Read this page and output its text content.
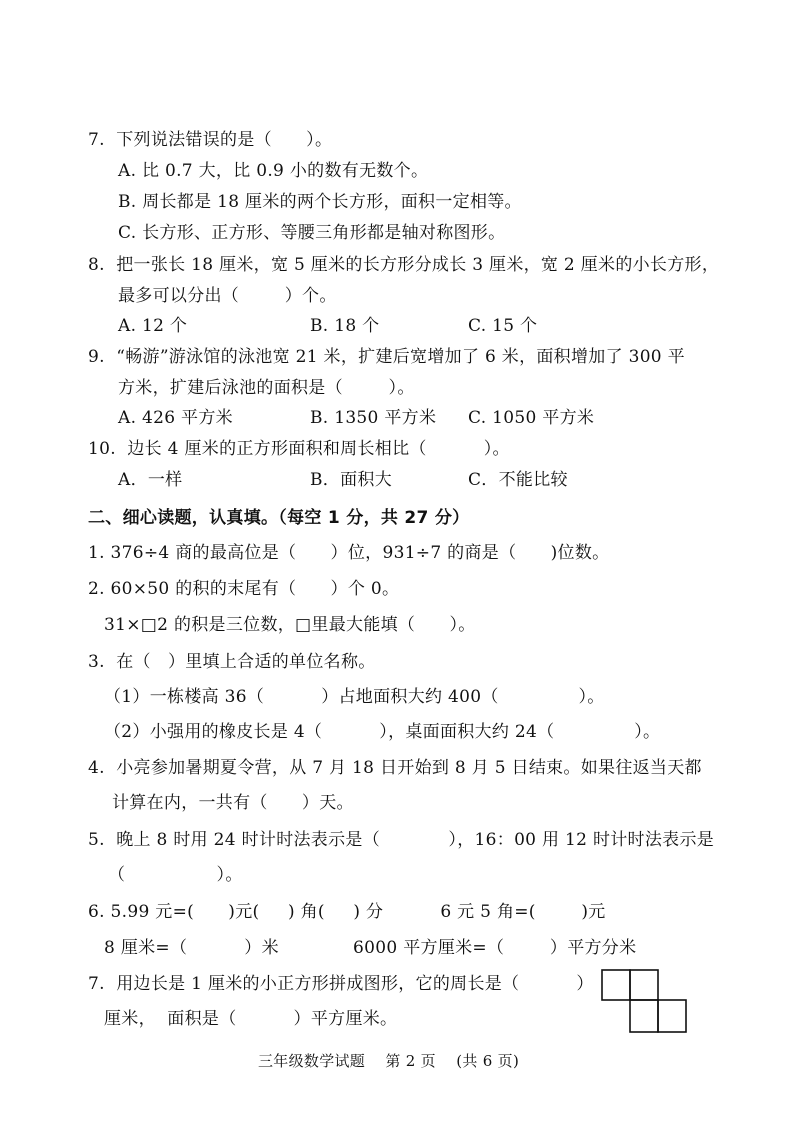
7.  下列说法错误的是（      ）。
A. 比 0.7 大，比 0.9 小的数有无数个。
B. 周长都是 18 厘米的两个长方形，面积一定相等。
C. 长方形、正方形、等腰三角形都是轴对称图形。
8.  把一张长 18 厘米，宽 5 厘米的长方形分成长 3 厘米，宽 2 厘米的小长方形，
最多可以分出（        ）个。
A. 12 个	B. 18 个	C. 15 个
9.  “畅游”游泳馆的泳池宽 21 米，扩建后宽增加了 6 米，面积增加了 300 平
方米，扩建后泳池的面积是（        ）。
A. 426 平方米	B. 1350 平方米 C. 1050 平方米
10.  边长 4 厘米的正方形面积和周长相比（          ）。
A．一样	B．面积大	C．不能比较
二、细心读题，认真填。（每空 1 分，共 27 分）
1. 376÷4 商的最高位是（      ）位，931÷7 的商是（      )位数。
2. 60×50 的积的末尾有（      ）个 0。
31×□2 的积是三位数，□里最大能填（      ）。
3.  在（   ）里填上合适的单位名称。
（1）一栋楼高 36（          ）占地面积大约 400（              ）。
（2）小强用的橡皮长是 4（          ），桌面面积大约 24（              ）。
4.  小亮参加暑期夏令营，从 7 月 18 日开始到 8 月 5 日结束。如果往返当天都
计算在内，一共有（      ）天。
5.  晚上 8 时用 24 时计时法表示是（            ），16：00 用 12 时计时法表示是
（                ）。
6. 5.99 元=(      )元(     ) 角(     ) 分          6 元 5 角=(        )元
8 厘米=（          ）米             6000 平方厘米=（        ）平方分米
7.  用边长是 1 厘米的小正方形拼成图形，它的周长是（          ）
厘米，  面积是（          ）平方厘米。
三年级数学试题    第 2 页    (共 6 页)
